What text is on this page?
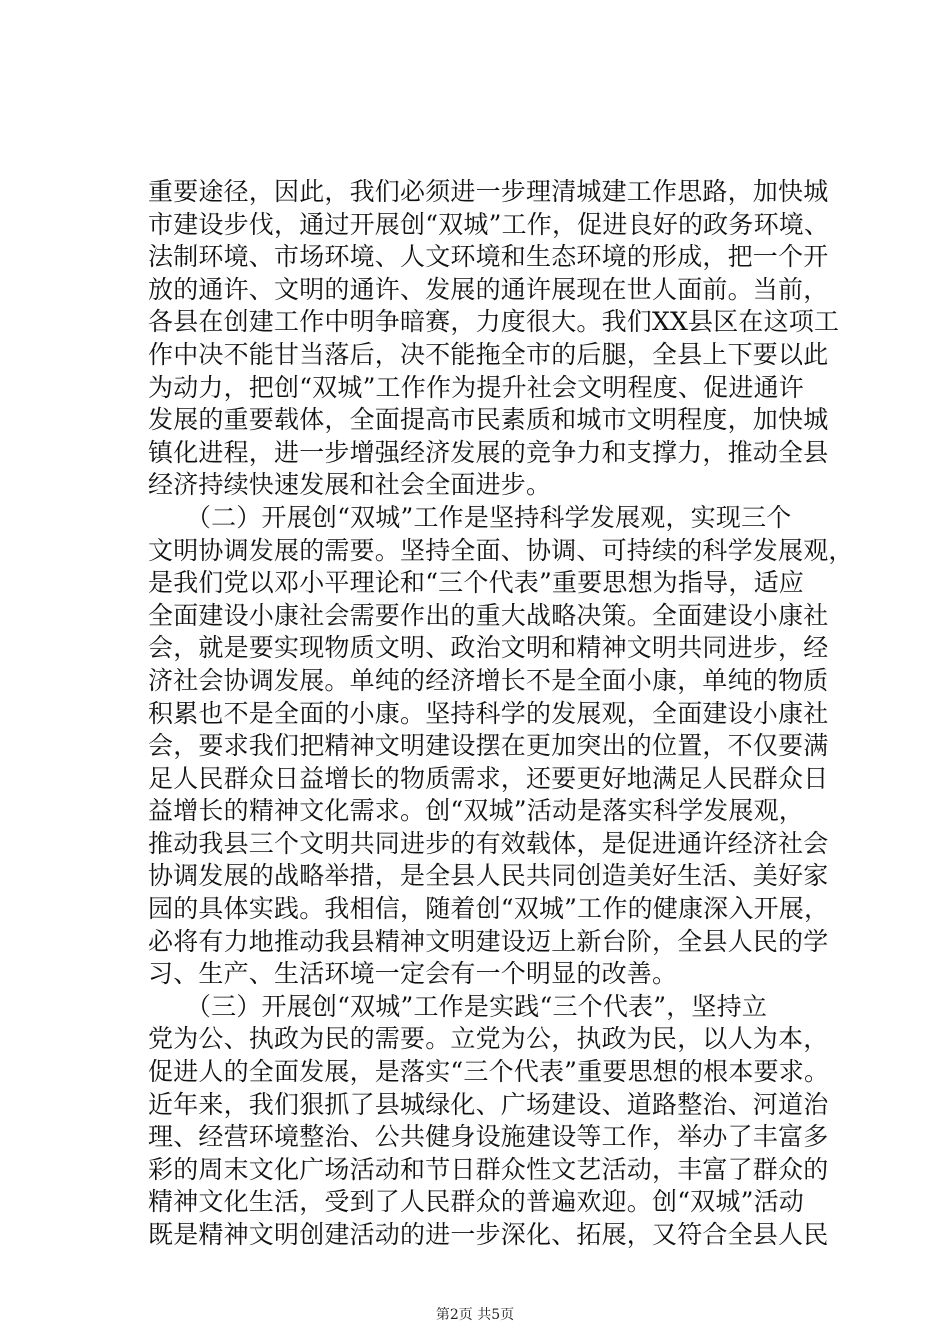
重要途径，因此，我们必须进一步理清城建工作思路，加快城
市建设步伐，通过开展创“双城”工作，促进良好的政务环境、
法制环境、市场环境、人文环境和生态环境的形成，把一个开
放的通许、文明的通许、发展的通许展现在世人面前。当前，
各县在创建工作中明争暗赛，力度很大。我们XX县区在这项工
作中决不能甘当落后，决不能拖全市的后腿，全县上下要以此
为动力，把创“双城”工作作为提升社会文明程度、促进通许
发展的重要载体，全面提高市民素质和城市文明程度，加快城
镇化进程，进一步增强经济发展的竞争力和支撑力，推动全县
经济持续快速发展和社会全面进步。
　　（二）开展创“双城”工作是坚持科学发展观，实现三个
文明协调发展的需要。坚持全面、协调、可持续的科学发展观，
是我们党以邓小平理论和“三个代表”重要思想为指导，适应
全面建设小康社会需要作出的重大战略决策。全面建设小康社
会，就是要实现物质文明、政治文明和精神文明共同进步，经
济社会协调发展。单纯的经济增长不是全面小康，单纯的物质
积累也不是全面的小康。坚持科学的发展观，全面建设小康社
会，要求我们把精神文明建设摆在更加突出的位置，不仅要满
足人民群众日益增长的物质需求，还要更好地满足人民群众日
益增长的精神文化需求。创“双城”活动是落实科学发展观，
推动我县三个文明共同进步的有效载体，是促进通许经济社会
协调发展的战略举措，是全县人民共同创造美好生活、美好家
园的具体实践。我相信，随着创“双城”工作的健康深入开展，
必将有力地推动我县精神文明建设迈上新台阶，全县人民的学
习、生产、生活环境一定会有一个明显的改善。
　　（三）开展创“双城”工作是实践“三个代表”，坚持立
党为公、执政为民的需要。立党为公，执政为民，以人为本，
促进人的全面发展，是落实“三个代表”重要思想的根本要求。
近年来，我们狠抓了县城绿化、广场建设、道路整治、河道治
理、经营环境整治、公共健身设施建设等工作，举办了丰富多
彩的周末文化广场活动和节日群众性文艺活动，丰富了群众的
精神文化生活，受到了人民群众的普遍欢迎。创“双城”活动
既是精神文明创建活动的进一步深化、拓展，又符合全县人民
第2页 共5页
